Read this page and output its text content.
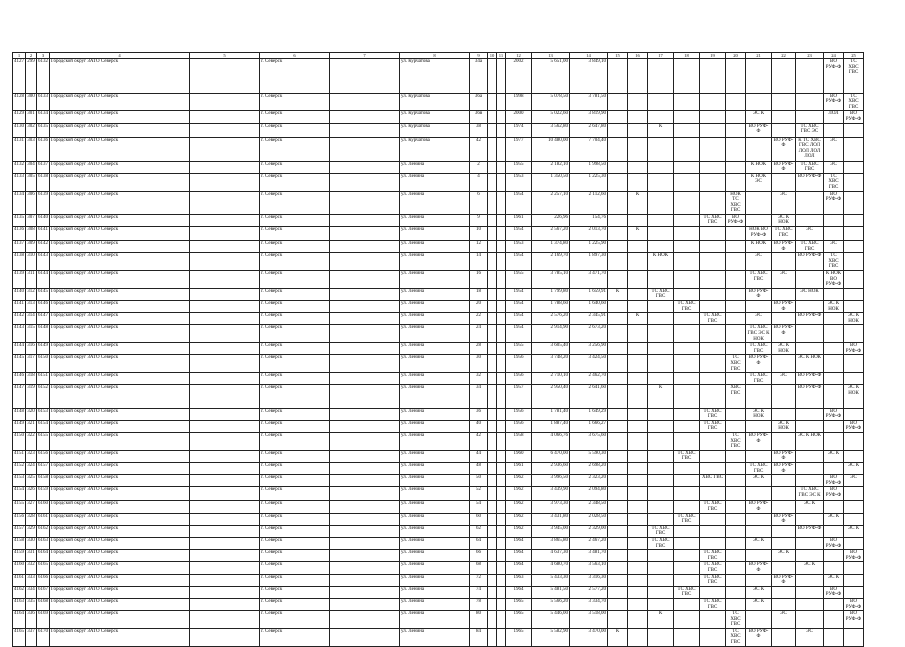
1	2	3	4	5	6	7	8	9	10	11	12	13	14	15	16	17	18	19	20	21	22	23	24	25	
4127	299	6132	Городской округ ЗАТО Северск		г. Северск		ул. Курчатова	34а			2002	5 651,00	3 849,10										ВО РУФ-Ф	ТС ХВС ГВС	
4128	300	6133	Городской округ ЗАТО Северск		г. Северск		ул. Курчатова	36а			1998	5 078,50	3 781,50										ВО РУФ-Ф	ТС ХВС ГВС	
4129	301	6134	Городской округ ЗАТО Северск		г. Северск		ул. Курчатова	36в			2000	5 022,60	3 819,90							ЭС К			ЛОЛ	ВО РУФ-Ф	
4130	302	6135	Городской округ ЗАТО Северск		г. Северск		ул. Курчатова	38			1974	3 562,80	2 647,80			К				ВО РУФ-Ф		ТС ХВС ГВС ЭС			
4131	303	6136	Городской округ ЗАТО Северск		г. Северск		ул. Курчатова	42			1977	10 480,00	7 704,40								ВО РУФ-Ф	К ТС ХВС ГВС ЛОЛ ЛОЛ ЛОЛ ЛОЛ	ЭС		
4132	304	6137	Городской округ ЗАТО Северск		г. Северск		ул. Ленина	2			1955	2 182,10	1 998,50							К НОК	ВО РУФ-Ф	ТС ХВС ГВС	ЭС		
4133	305	6138	Городской округ ЗАТО Северск		г. Северск		ул. Ленина	4			1953	1 350,50	1 225,30							К НОК ЭС		ВО РУФ-Ф	ТС ХВС ГВС		
4134	306	6139	Городской округ ЗАТО Северск		г. Северск		ул. Ленина	6			1954	2 257,10	2 112,60		К				НОК ТС ХВС ГВС		ЭС		ВО РУФ-Ф		
4135	307	6140	Городской округ ЗАТО Северск		г. Северск		ул. Ленина	9			1961	226,96	154,76					ТС ХВС ГВС	ВО РУФ-Ф		ЭС К НОК				
4136	308	6141	Городской округ ЗАТО Северск		г. Северск		ул. Ленина	10			1954	2 567,20	2 013,70		К					НОК ВО РУФ-Ф	ТС ХВС ГВС	ЭС			
4137	309	6142	Городской округ ЗАТО Северск		г. Северск		ул. Ленина	12			1953	1 374,80	1 225,90							К НОК	ВО РУФ-Ф	ТС ХВС ГВС	ЭС		
4138	310	6143	Городской округ ЗАТО Северск		г. Северск		ул. Ленина	14			1954	2 169,70	1 897,30			К НОК				ЭС		ВО РУФ-Ф	ТС ХВС ГВС		
4139	311	6144	Городской округ ЗАТО Северск		г. Северск		ул. Ленина	16			1955	3 785,10	3 471,70							ТС ХВС ГВС	ЭС		К НОК ВО РУФ-Ф		
4140	312	6145	Городской округ ЗАТО Северск		г. Северск		ул. Ленина	18			1954	1 799,80	1 659,91	К		ТС ХВС ГВС				ВО РУФ-Ф		ЭС НОК			
4141	313	6146	Городской округ ЗАТО Северск		г. Северск		ул. Ленина	20			1954	1 788,60	1 640,60				ТС ХВС ГВС				ВО РУФ-Ф		ЭС К НОК		
4142	314	6147	Городской округ ЗАТО Северск		г. Северск		ул. Ленина	22			1954	2 576,20	2 345,91		К			ТС ХВС ГВС		ЭС		ВО РУФ-Ф		ЭС К НОК	
4143	315	6148	Городской округ ЗАТО Северск		г. Северск		ул. Ленина	24			1954	2 914,90	2 673,20							ТС ХВС ГВС ЭС К НОК	ВО РУФ-Ф				
4144	316	6149	Городской округ ЗАТО Северск		г. Северск		ул. Ленина	28			1955	3 605,40	3 256,90							ТС ХВС ГВС	ЭС К НОК			ВО РУФ-Ф	
4145	317	6150	Городской округ ЗАТО Северск		г. Северск		ул. Ленина	30			1956	3 748,20	3 424,50						ТС ХВС ГВС	ВО РУФ-Ф		ЭС К НОК			
4146	318	6151	Городской округ ЗАТО Северск		г. Северск		ул. Ленина	32			1956	2 710,10	2 462,70							ТС ХВС ГВС	ЭС	ВО РУФ-Ф			
4147	319	6152	Городской округ ЗАТО Северск		г. Северск		ул. Ленина	34			1957	2 950,40	2 641,60			К			ХВС ГВС			ВО РУФ-Ф		ЭС К НОК	
4148	320	6153	Городской округ ЗАТО Северск		г. Северск		ул. Ленина	36			1956	1 781,40	1 649,29					ТС ХВС ГВС		ЭС К НОК			ВО РУФ-Ф		
4149	321	6154	Городской округ ЗАТО Северск		г. Северск		ул. Ленина	40			1956	1 887,40	1 666,27					ТС ХВС ГВС			ЭС К НОК			ВО РУФ-Ф	
4150	322	6155	Городской округ ЗАТО Северск		г. Северск		ул. Ленина	42			1958	4 066,76	3 675,60						ТС ХВС ГВС	ВО РУФ-Ф		ЭС К НОК			
4151	323	6156	Городской округ ЗАТО Северск		г. Северск		ул. Ленина	44			1960	6 470,00	5 590,30				ТС ХВС ГВС				ВО РУФ-Ф		ЭС К		
4152	324	6157	Городской округ ЗАТО Северск		г. Северск		ул. Ленина	48			1961	2 936,60	2 698,20							ТС ХВС ГВС	ВО РУФ-Ф			ЭС К	
4153	325	6158	Городской округ ЗАТО Северск		г. Северск		ул. Ленина	50			1962	3 996,50	2 323,20					ХВС ГВС		ЭС К			ВО РУФ-Ф	ЭС	
4154	326	6159	Городской округ ЗАТО Северск		г. Северск		ул. Ленина	52			1962	3 439,90	2 094,80									ТС ХВС ГВС ЭС К	ВО РУФ-Ф		
4155	327	6160	Городской округ ЗАТО Северск		г. Северск		ул. Ленина	54			1962	3 973,30	2 348,50					ТС ХВС ГВС		ВО РУФ-Ф		ЭС К			
4156	328	6161	Городской округ ЗАТО Северск		г. Северск		ул. Ленина	60			1962	3 431,80	2 028,50				ТС ХВС ГВС				ВО РУФ-Ф		ЭС К		
4157	329	6162	Городской округ ЗАТО Северск		г. Северск		ул. Ленина	62			1962	3 945,00	2 329,00			ТС ХВС ГВС						ВО РУФ-Ф		ЭС К	
4158	330	6163	Городской округ ЗАТО Северск		г. Северск		ул. Ленина	64			1964	3 865,80	2 467,20			ТС ХВС ГВС				ЭС К			ВО РУФ-Ф		
4159	331	6164	Городской округ ЗАТО Северск		г. Северск		ул. Ленина	66			1964	4 637,30	3 481,70					ТС ХВС ГВС			ЭС К			ВО РУФ-Ф	
4160	332	6165	Городской округ ЗАТО Северск		г. Северск		ул. Ленина	68			1964	4 680,70	3 563,10					ТС ХВС ГВС		ВО РУФ-Ф		ЭС К			
4161	333	6166	Городской округ ЗАТО Северск		г. Северск		ул. Ленина	72			1963	5 433,30	3 316,30					ТС ХВС ГВС			ВО РУФ-Ф		ЭС К		
4162	334	6167	Городской округ ЗАТО Северск		г. Северск		ул. Ленина	74			1964	5 481,50	2 577,20				ТС ХВС ГВС			ЭС К			ВО РУФ-Ф		
4163	335	6168	Городской округ ЗАТО Северск		г. Северск		ул. Ленина	78			1965	5 566,20	3 334,70					ТС ХВС ГВС		ЭС К				ВО РУФ-Ф	
4164	336	6169	Городской округ ЗАТО Северск		г. Северск		ул. Ленина	80			1965	5 446,00	3 518,00			К			ТС ХВС ГВС		ЭС			ВО РУФ-Ф	
4165	337	6170	Городской округ ЗАТО Северск		г. Северск		ул. Ленина	84			1965	5 582,90	3 470,00	К					ТС ХВС ГВС	ВО РУФ-Ф		ЭС			
